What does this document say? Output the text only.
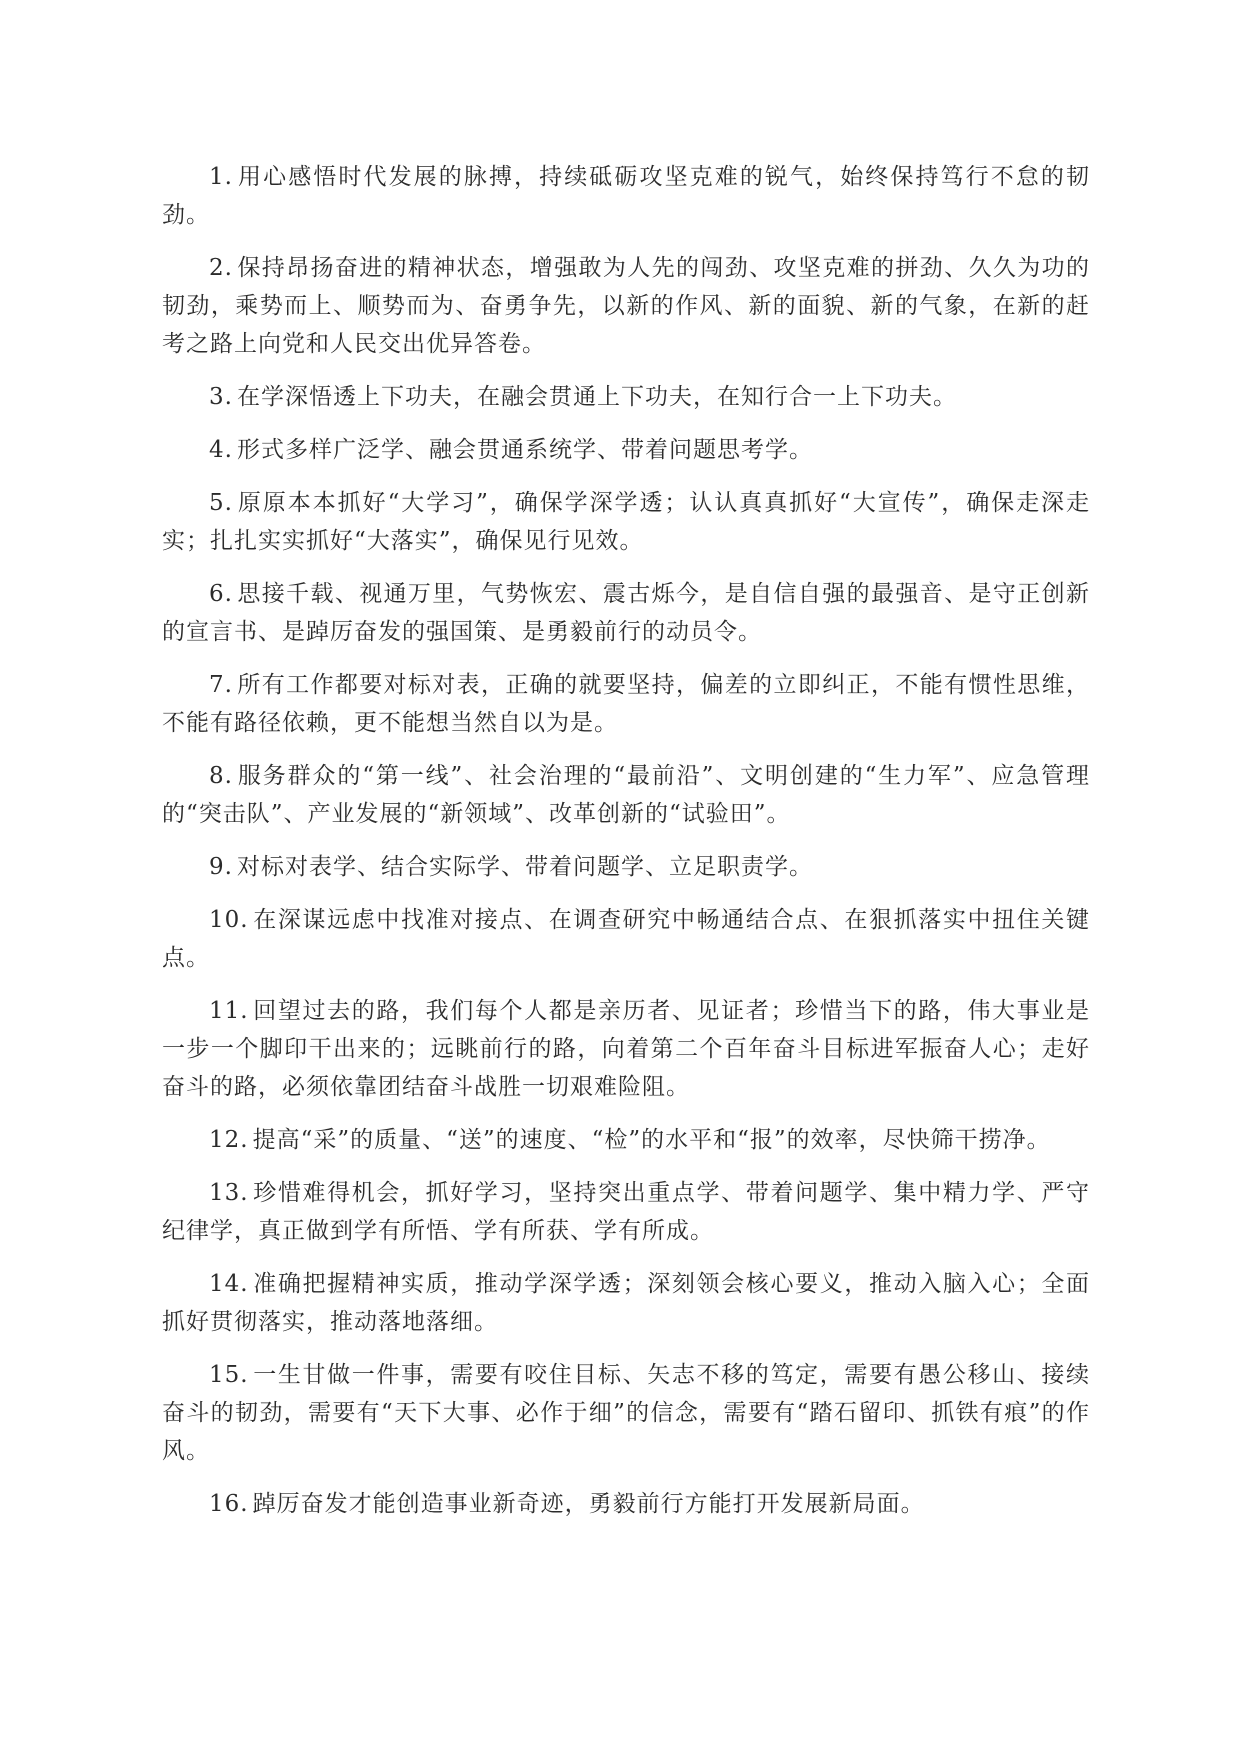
1. 用心感悟时代发展的脉搏，持续砥砺攻坚克难的锐气，始终保持笃行不怠的韧劲。

2. 保持昂扬奋进的精神状态，增强敢为人先的闯劲、攻坚克难的拼劲、久久为功的韧劲，乘势而上、顺势而为、奋勇争先，以新的作风、新的面貌、新的气象，在新的赶考之路上向党和人民交出优异答卷。

3. 在学深悟透上下功夫，在融会贯通上下功夫，在知行合一上下功夫。

4. 形式多样广泛学、融会贯通系统学、带着问题思考学。

5. 原原本本抓好“大学习”，确保学深学透；认认真真抓好“大宣传”，确保走深走实；扎扎实实抓好“大落实”，确保见行见效。

6. 思接千载、视通万里，气势恢宏、震古烁今，是自信自强的最强音、是守正创新的宣言书、是踔厉奋发的强国策、是勇毅前行的动员令。

7. 所有工作都要对标对表，正确的就要坚持，偏差的立即纠正，不能有惯性思维，不能有路径依赖，更不能想当然自以为是。

8. 服务群众的“第一线”、社会治理的“最前沿”、文明创建的“生力军”、应急管理的“突击队”、产业发展的“新领域”、改革创新的“试验田”。

9. 对标对表学、结合实际学、带着问题学、立足职责学。

10. 在深谋远虑中找准对接点、在调查研究中畅通结合点、在狠抓落实中扭住关键点。

11. 回望过去的路，我们每个人都是亲历者、见证者；珍惜当下的路，伟大事业是一步一个脚印干出来的；远眺前行的路，向着第二个百年奋斗目标进军振奋人心；走好奋斗的路，必须依靠团结奋斗战胜一切艰难险阻。

12. 提高“采”的质量、“送”的速度、“检”的水平和“报”的效率，尽快筛干捞净。

13. 珍惜难得机会，抓好学习，坚持突出重点学、带着问题学、集中精力学、严守纪律学，真正做到学有所悟、学有所获、学有所成。

14. 准确把握精神实质，推动学深学透；深刻领会核心要义，推动入脑入心；全面抓好贯彻落实，推动落地落细。

15. 一生甘做一件事，需要有咬住目标、矢志不移的笃定，需要有愚公移山、接续奋斗的韧劲，需要有“天下大事、必作于细”的信念，需要有“踏石留印、抓铁有痕”的作风。

16. 踔厉奋发才能创造事业新奇迹，勇毅前行方能打开发展新局面。
